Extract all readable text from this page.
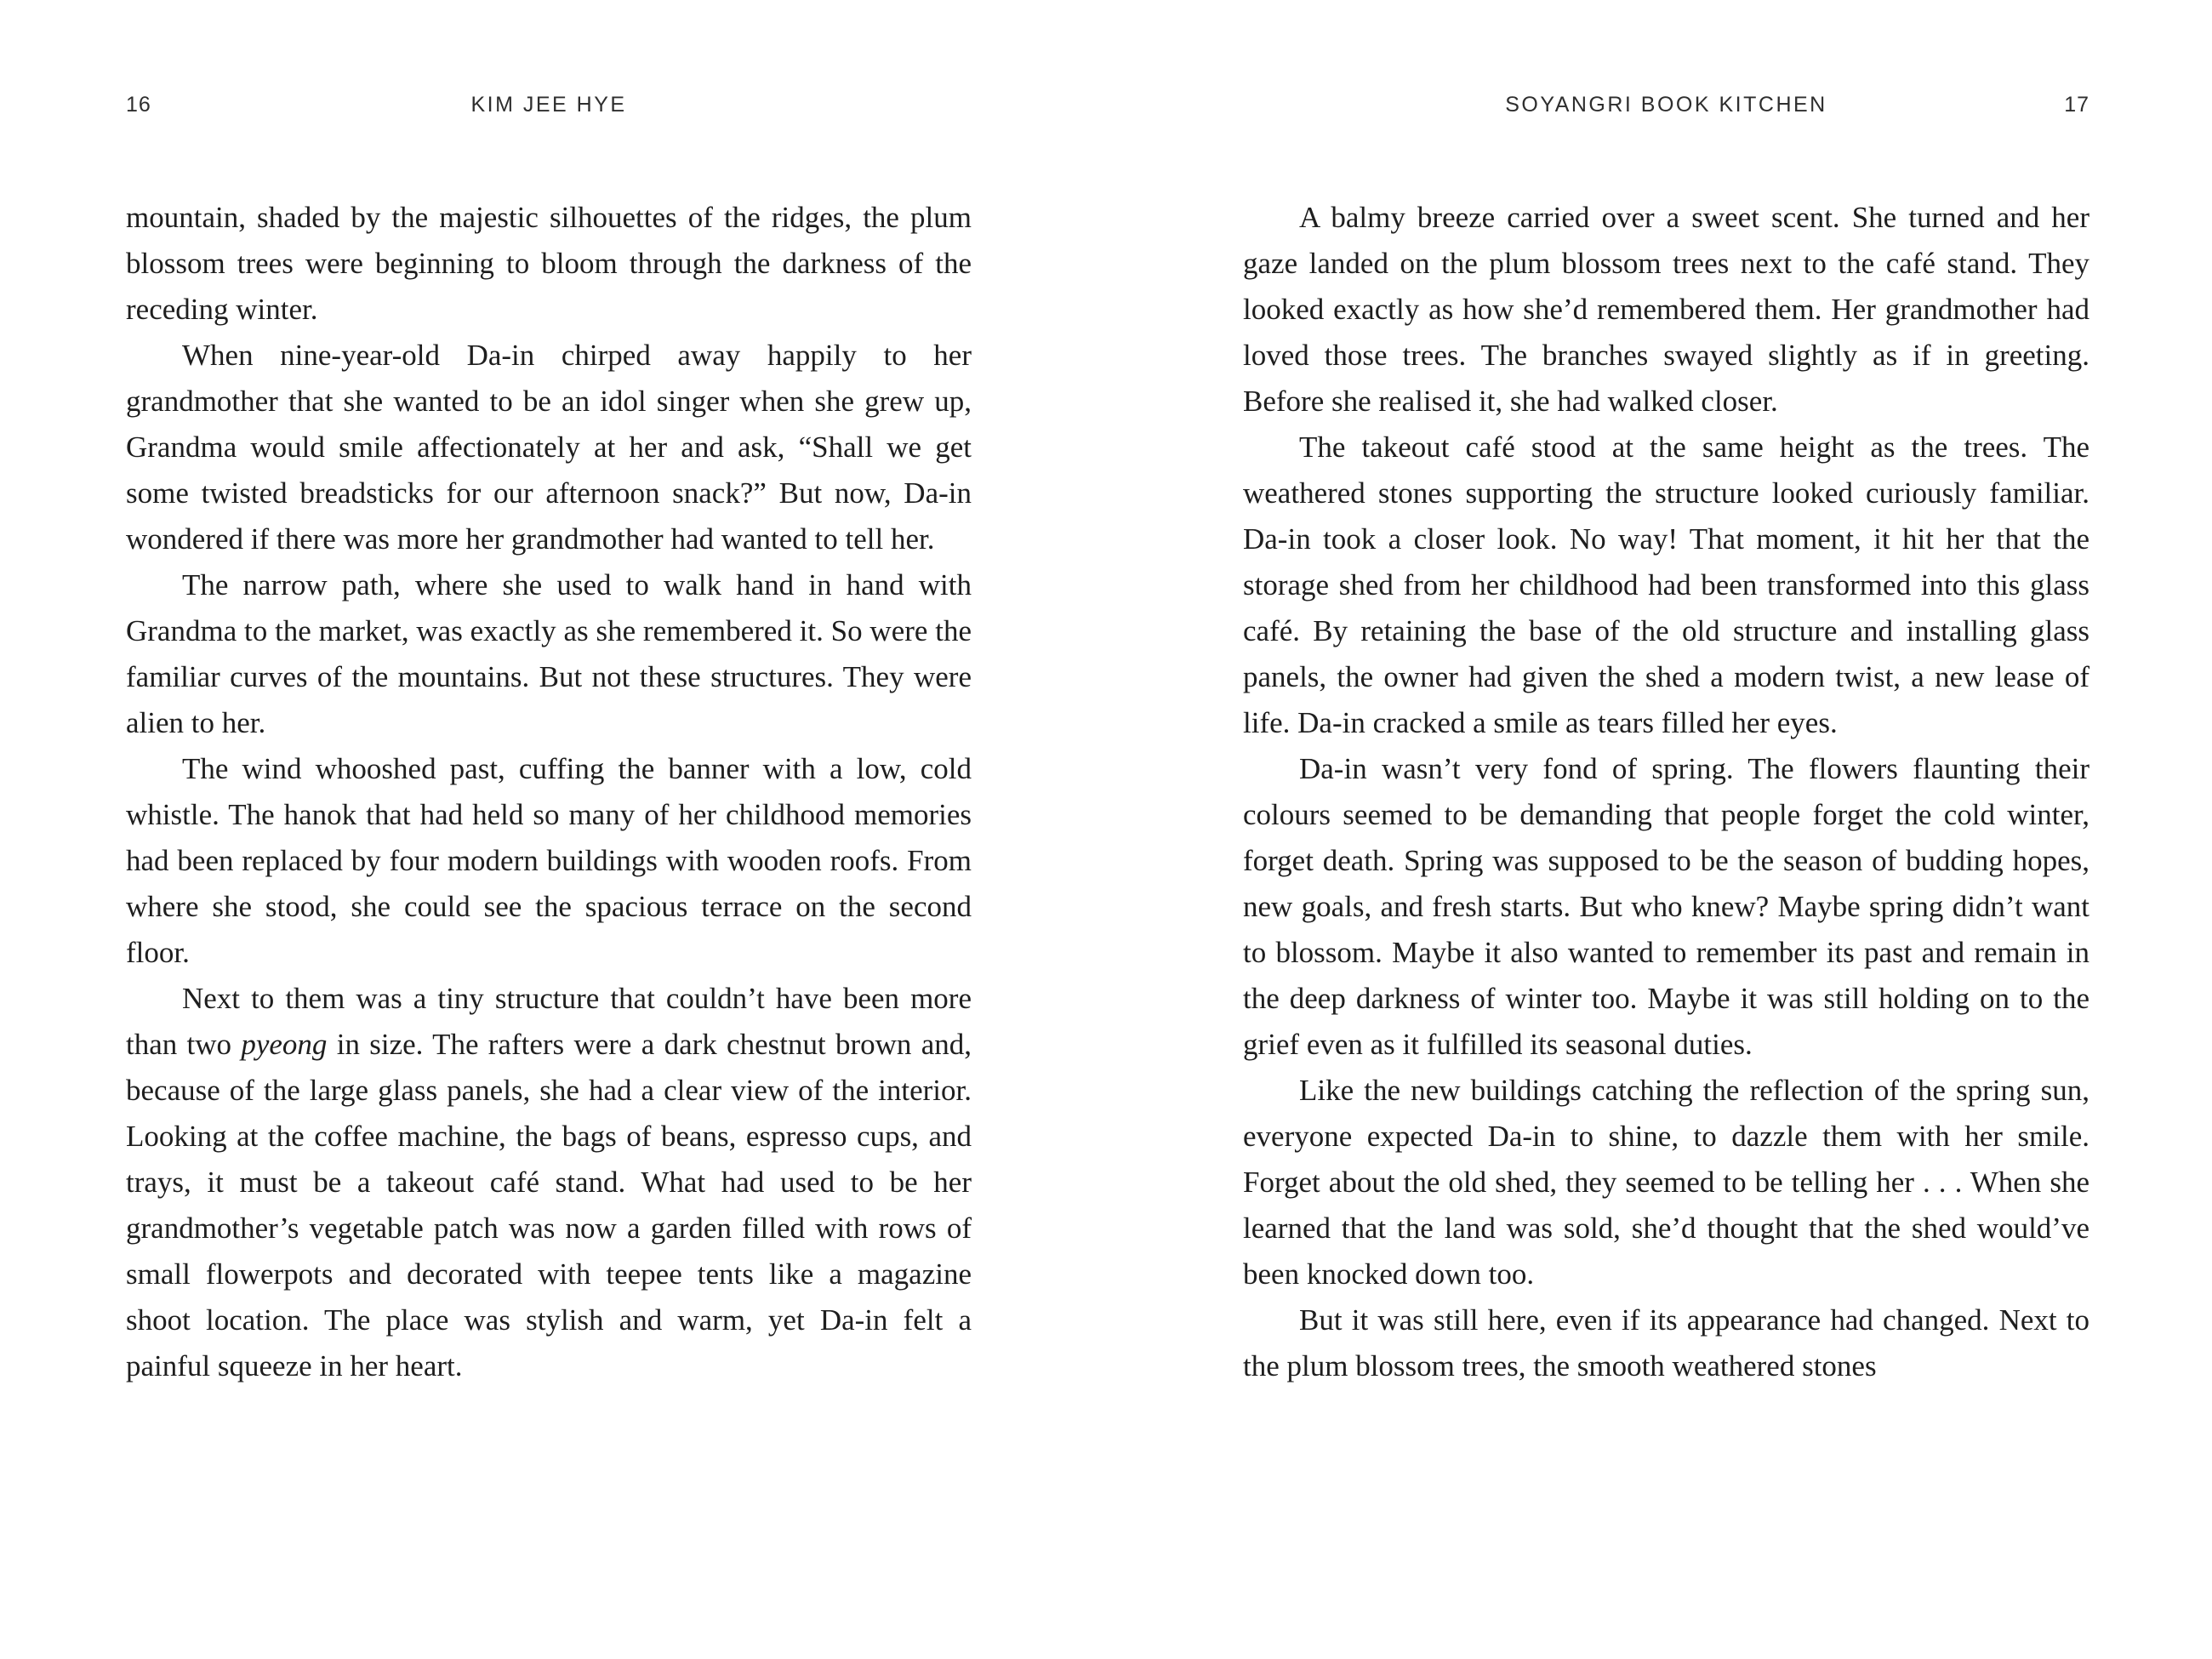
16	KIM JEE HYE

mountain, shaded by the majestic silhouettes of the ridges, the plum blossom trees were beginning to bloom through the darkness of the receding winter.

When nine-year-old Da-in chirped away happily to her grandmother that she wanted to be an idol singer when she grew up, Grandma would smile affectionately at her and ask, “Shall we get some twisted breadsticks for our afternoon snack?” But now, Da-in wondered if there was more her grandmother had wanted to tell her.

The narrow path, where she used to walk hand in hand with Grandma to the market, was exactly as she remembered it. So were the familiar curves of the mountains. But not these structures. They were alien to her.

The wind whooshed past, cuffing the banner with a low, cold whistle. The hanok that had held so many of her childhood memories had been replaced by four modern buildings with wooden roofs. From where she stood, she could see the spacious terrace on the second floor.

Next to them was a tiny structure that couldn’t have been more than two pyeong in size. The rafters were a dark chestnut brown and, because of the large glass panels, she had a clear view of the interior. Looking at the coffee machine, the bags of beans, espresso cups, and trays, it must be a takeout café stand. What had used to be her grandmother’s vegetable patch was now a garden filled with rows of small flowerpots and decorated with teepee tents like a magazine shoot location. The place was stylish and warm, yet Da-in felt a painful squeeze in her heart.

SOYANGRI BOOK KITCHEN	17

A balmy breeze carried over a sweet scent. She turned and her gaze landed on the plum blossom trees next to the café stand. They looked exactly as how she’d remembered them. Her grandmother had loved those trees. The branches swayed slightly as if in greeting. Before she realised it, she had walked closer.

The takeout café stood at the same height as the trees. The weathered stones supporting the structure looked curiously familiar. Da-in took a closer look. No way! That moment, it hit her that the storage shed from her childhood had been transformed into this glass café. By retaining the base of the old structure and installing glass panels, the owner had given the shed a modern twist, a new lease of life. Da-in cracked a smile as tears filled her eyes.

Da-in wasn’t very fond of spring. The flowers flaunting their colours seemed to be demanding that people forget the cold winter, forget death. Spring was supposed to be the season of budding hopes, new goals, and fresh starts. But who knew? Maybe spring didn’t want to blossom. Maybe it also wanted to remember its past and remain in the deep darkness of winter too. Maybe it was still holding on to the grief even as it fulfilled its seasonal duties.

Like the new buildings catching the reflection of the spring sun, everyone expected Da-in to shine, to dazzle them with her smile. Forget about the old shed, they seemed to be telling her . . . When she learned that the land was sold, she’d thought that the shed would’ve been knocked down too.

But it was still here, even if its appearance had changed. Next to the plum blossom trees, the smooth weathered stones
